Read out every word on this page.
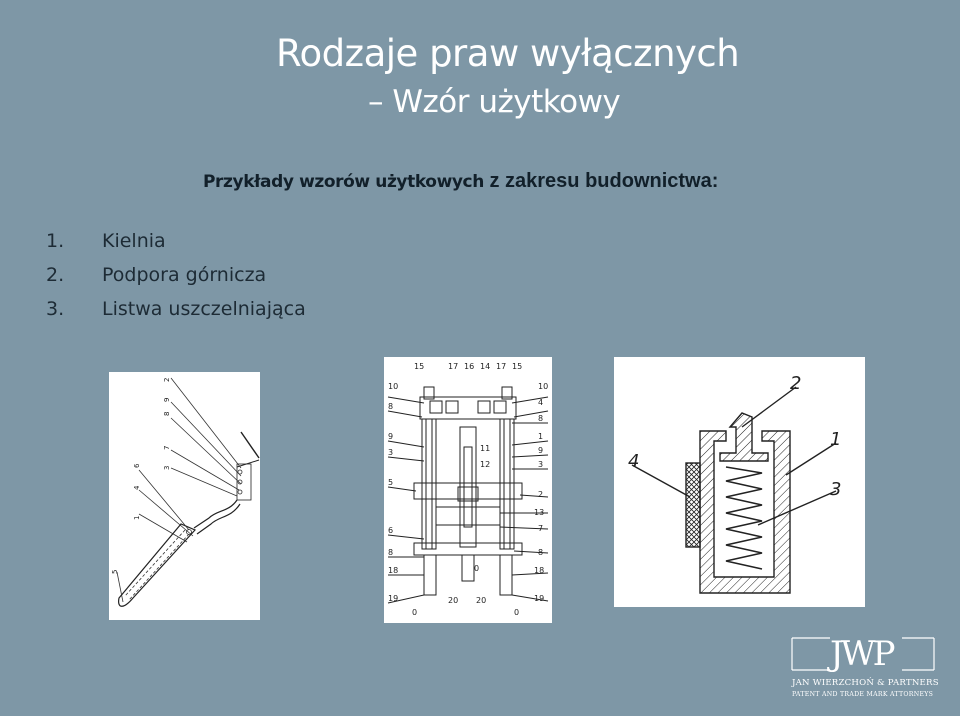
Rodzaje praw wyłącznych
– Wzór użytkowy
Przykłady wzorów użytkowych z zakresu budownictwa:
1.	Kielnia
2.	Podpora górnicza
3.	Listwa uszczelniająca
2
9
8
7
3
6
4
1
5
15	17 16 14 17 15
10
8
9
3
5
6
8
18
19
10
4
8
1
9
3
2
13
7
8
18
19
11
12
0
0
20 20
0
2
1
4
3
JWP
JAN WIERZCHOŃ & PARTNERS
PATENT AND TRADE MARK ATTORNEYS
